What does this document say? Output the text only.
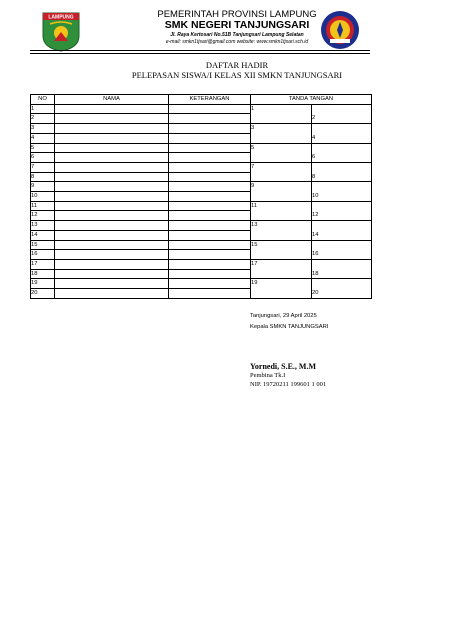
LAMPUNG	PEMERINTAH PROVINSI LAMPUNG
SMK NEGERI TANJUNGSARI
Jl. Raya Kertosari No.51B Tanjungsari Lampung Selatan
e-mail: smkn1tjsari@gmail.com website: www.smkn1tjsari.sch.id
DAFTAR HADIR
PELEPASAN SISWA/I KELAS XII SMKN TANJUNGSARI
NO	NAMA	KETERANGAN	TANDA TANGAN	
1			1	2
2				
3			3	4
4				
5			5	6
6				
7			7	8
8				
9			9	10
10				
11			11	12
12				
13			13	14
14				
15			15	16
16				
17			17	18
18				
19			19	20
20				
Tanjungsari, 29 April 2025
Kepala SMKN TANJUNGSARI
Yornedi, S.E., M.M
Pembina Tk.I
NIP. 19720211 199601 1 001
